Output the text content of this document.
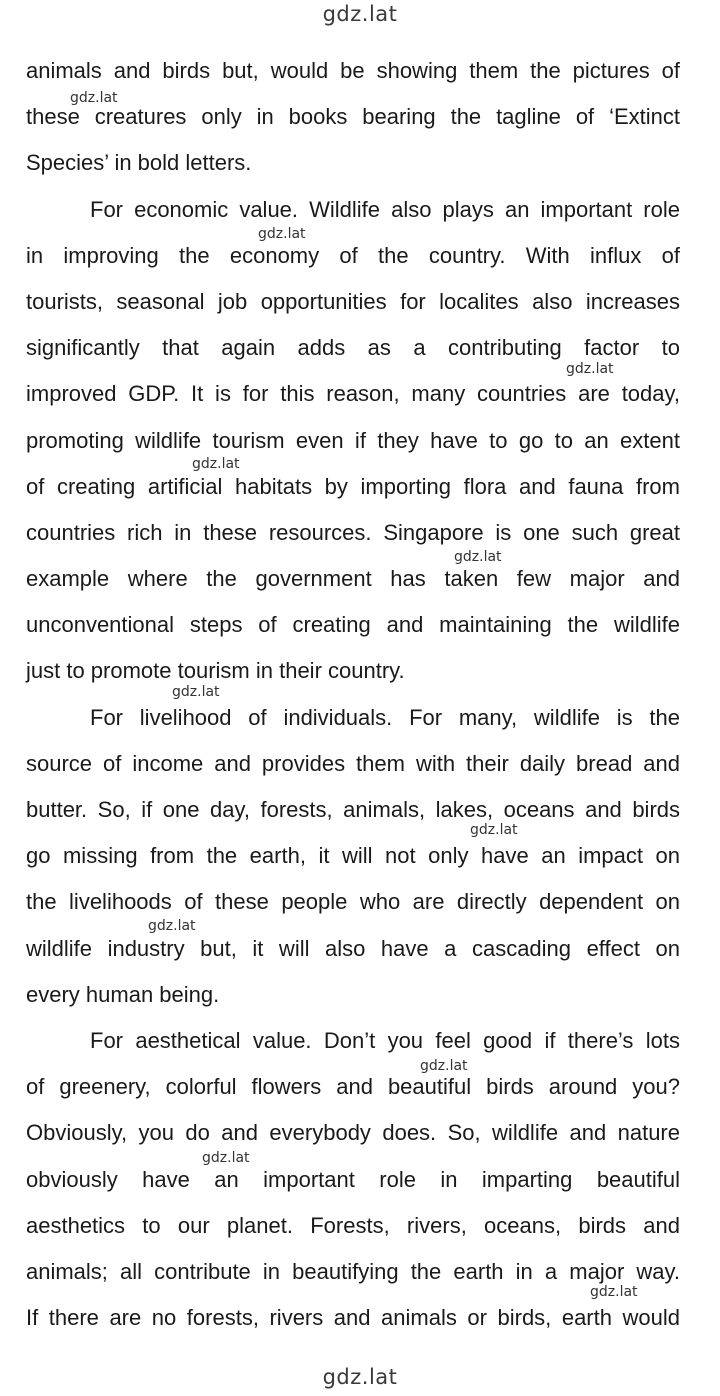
gdz.lat
animals and birds but, would be showing them the pictures of
these creatures only in books bearing the tagline of ‘Extinct
Species’ in bold letters.
For economic value. Wildlife also plays an important role
in improving the economy of the country. With influx of
tourists, seasonal job opportunities for localites also increases
significantly that again adds as a contributing factor to
improved GDP. It is for this reason, many countries are today,
promoting wildlife tourism even if they have to go to an extent
of creating artificial habitats by importing flora and fauna from
countries rich in these resources. Singapore is one such great
example where the government has taken few major and
unconventional steps of creating and maintaining the wildlife
just to promote tourism in their country.
For livelihood of individuals. For many, wildlife is the
source of income and provides them with their daily bread and
butter. So, if one day, forests, animals, lakes, oceans and birds
go missing from the earth, it will not only have an impact on
the livelihoods of these people who are directly dependent on
wildlife industry but, it will also have a cascading effect on
every human being.
For aesthetical value. Don’t you feel good if there’s lots
of greenery, colorful flowers and beautiful birds around you?
Obviously, you do and everybody does. So, wildlife and nature
obviously have an important role in imparting beautiful
aesthetics to our planet. Forests, rivers, oceans, birds and
animals; all contribute in beautifying the earth in a major way.
If there are no forests, rivers and animals or birds, earth would
gdz.lat
gdz.lat
gdz.lat
gdz.lat
gdz.lat
gdz.lat
gdz.lat
gdz.lat
gdz.lat
gdz.lat
gdz.lat
gdz.lat
